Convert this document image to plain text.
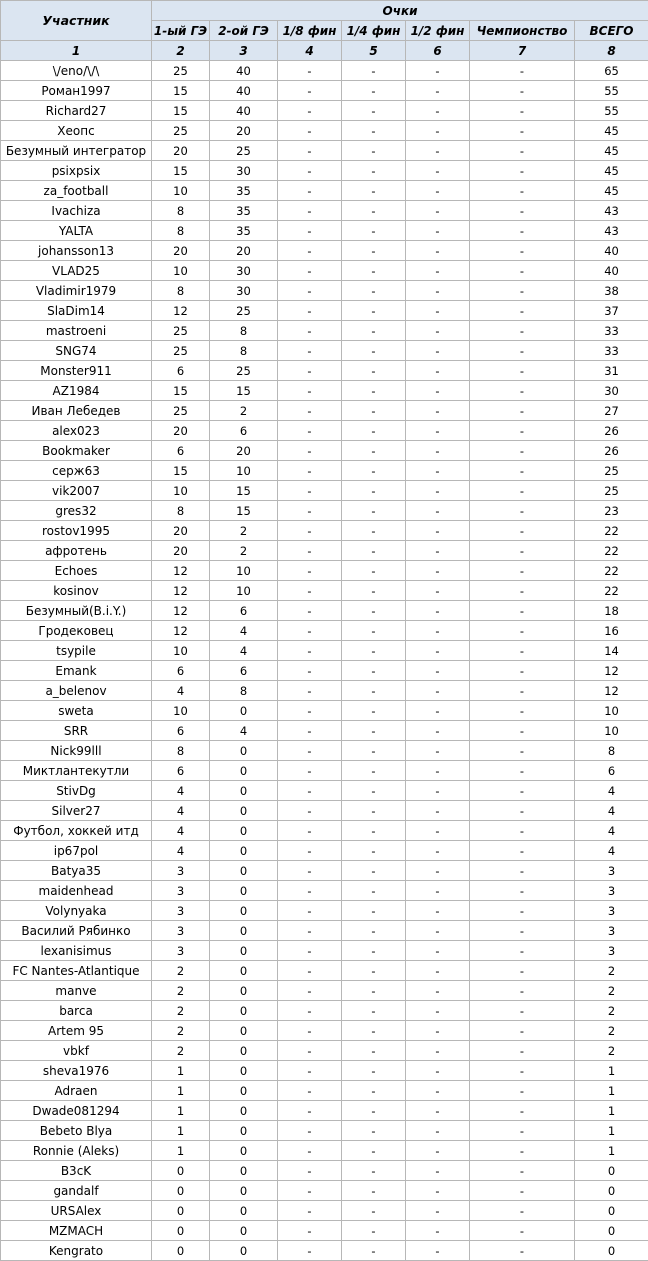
Участник	Очки						
	1-ый ГЭ	2-ой ГЭ	1/8 фин	1/4 фин	1/2 фин	Чемпионство	ВСЕГО
1	2	3	4	5	6	7	8
\/eno/\/\	25	40	-	-	-	-	65
Роман1997	15	40	-	-	-	-	55
Richard27	15	40	-	-	-	-	55
Хеопс	25	20	-	-	-	-	45
Безумный интегратор	20	25	-	-	-	-	45
psixpsix	15	30	-	-	-	-	45
za_football	10	35	-	-	-	-	45
Ivachiza	8	35	-	-	-	-	43
YALTA	8	35	-	-	-	-	43
johansson13	20	20	-	-	-	-	40
VLAD25	10	30	-	-	-	-	40
Vladimir1979	8	30	-	-	-	-	38
SlaDim14	12	25	-	-	-	-	37
mastroeni	25	8	-	-	-	-	33
SNG74	25	8	-	-	-	-	33
Monster911	6	25	-	-	-	-	31
AZ1984	15	15	-	-	-	-	30
Иван Лебедев	25	2	-	-	-	-	27
alex023	20	6	-	-	-	-	26
Bookmaker	6	20	-	-	-	-	26
серж63	15	10	-	-	-	-	25
vik2007	10	15	-	-	-	-	25
gres32	8	15	-	-	-	-	23
rostov1995	20	2	-	-	-	-	22
афротень	20	2	-	-	-	-	22
Echoes	12	10	-	-	-	-	22
kosinov	12	10	-	-	-	-	22
Безумный(B.i.Y.)	12	6	-	-	-	-	18
Гродековец	12	4	-	-	-	-	16
tsypile	10	4	-	-	-	-	14
Emank	6	6	-	-	-	-	12
a_belenov	4	8	-	-	-	-	12
sweta	10	0	-	-	-	-	10
SRR	6	4	-	-	-	-	10
Nick99lll	8	0	-	-	-	-	8
Миктлантекутли	6	0	-	-	-	-	6
StivDg	4	0	-	-	-	-	4
Silver27	4	0	-	-	-	-	4
Футбол, хоккей итд	4	0	-	-	-	-	4
ip67pol	4	0	-	-	-	-	4
Batya35	3	0	-	-	-	-	3
maidenhead	3	0	-	-	-	-	3
Volynyaka	3	0	-	-	-	-	3
Василий Рябинко	3	0	-	-	-	-	3
lexanisimus	3	0	-	-	-	-	3
FC Nantes-Atlantique	2	0	-	-	-	-	2
manve	2	0	-	-	-	-	2
barca	2	0	-	-	-	-	2
Artem 95	2	0	-	-	-	-	2
vbkf	2	0	-	-	-	-	2
sheva1976	1	0	-	-	-	-	1
Adraen	1	0	-	-	-	-	1
Dwade081294	1	0	-	-	-	-	1
Bebeto Blya	1	0	-	-	-	-	1
Ronnie (Aleks)	1	0	-	-	-	-	1
B3cK	0	0	-	-	-	-	0
gandalf	0	0	-	-	-	-	0
URSAlex	0	0	-	-	-	-	0
MZMACH	0	0	-	-	-	-	0
Kengrato	0	0	-	-	-	-	0
